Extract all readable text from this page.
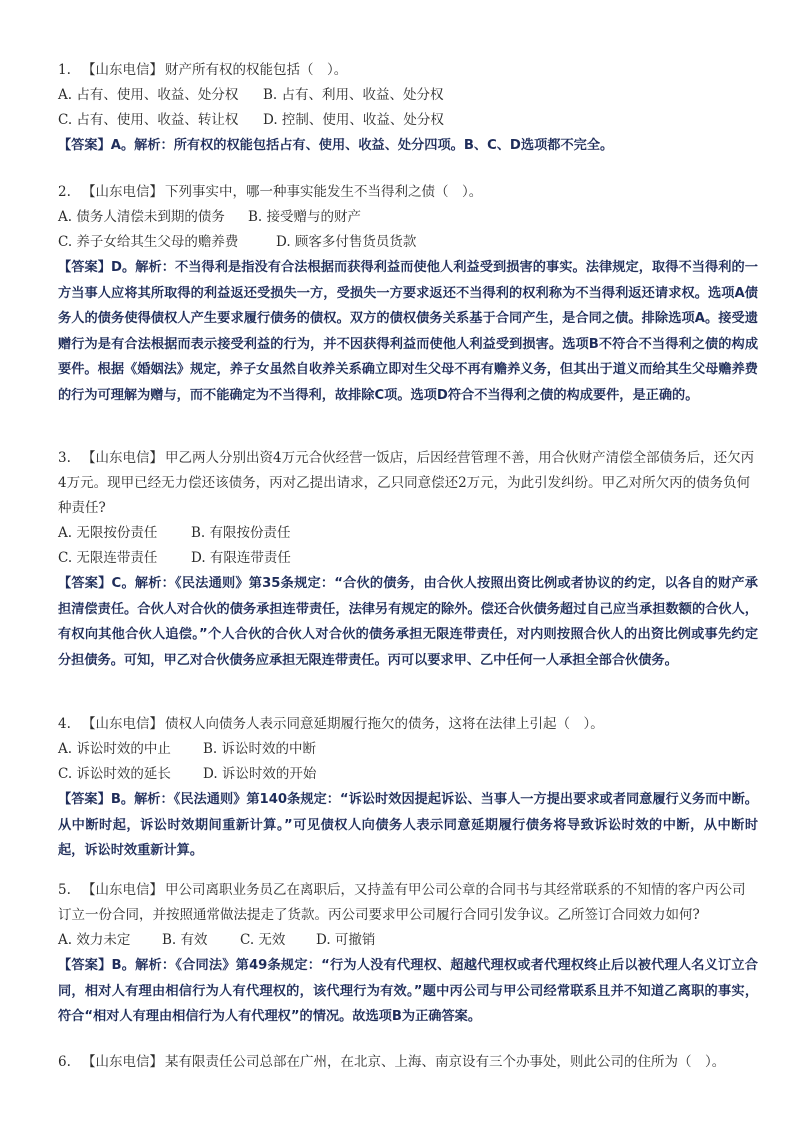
1. 【山东电信】 财产所有权的权能包括（　）。

A. 占有、使用、收益、处分权 B. 占有、利用、收益、处分权

C. 占有、使用、收益、转让权 D. 控制、使用、收益、处分权

【答案】A。解析：所有权的权能包括占有、使用、收益、处分四项。B、C、D选项都不完全。

2. 【山东电信】 下列事实中，哪一种事实能发生不当得利之债（　）。

A. 债务人清偿未到期的债务 B. 接受赠与的财产

C. 养子女给其生父母的赡养费	D. 顾客多付售货员货款

【答案】D。解析：不当得利是指没有合法根据而获得利益而使他人利益受到损害的事实。法律规定，取得不当得利的一方当事人应将其所取得的利益返还受损失一方，受损失一方要求返还不当得利的权利称为不当得利返还请求权。选项A债务人的债务使得债权人产生要求履行债务的债权。双方的债权债务关系基于合同产生，是合同之债。排除选项A。接受遗赠行为是有合法根据而表示接受利益的行为，并不因获得利益而使他人利益受到损害。选项B不符合不当得利之债的构成要件。根据《婚姻法》规定，养子女虽然自收养关系确立即对生父母不再有赡养义务，但其出于道义而给其生父母赡养费的行为可理解为赠与，而不能确定为不当得利，故排除C项。选项D符合不当得利之债的构成要件，是正确的。

3. 【山东电信】 甲乙两人分别出资4万元合伙经营一饭店，后因经营管理不善，用合伙财产清偿全部债务后，还欠丙4万元。现甲已经无力偿还该债务，丙对乙提出请求，乙只同意偿还2万元，为此引发纠纷。甲乙对所欠丙的债务负何种责任?

A. 无限按份责任 B. 有限按份责任

C. 无限连带责任 D. 有限连带责任

【答案】C。解析：《民法通则》第35条规定：“合伙的债务，由合伙人按照出资比例或者协议的约定，以各自的财产承担清偿责任。合伙人对合伙的债务承担连带责任，法律另有规定的除外。偿还合伙债务超过自己应当承担数额的合伙人，有权向其他合伙人追偿。”个人合伙的合伙人对合伙的债务承担无限连带责任，对内则按照合伙人的出资比例或事先约定分担债务。可知，甲乙对合伙债务应承担无限连带责任。丙可以要求甲、乙中任何一人承担全部合伙债务。

4. 【山东电信】 债权人向债务人表示同意延期履行拖欠的债务，这将在法律上引起（　）。

A. 诉讼时效的中止 B. 诉讼时效的中断

C. 诉讼时效的延长 D. 诉讼时效的开始

【答案】B。解析：《民法通则》第140条规定：“诉讼时效因提起诉讼、当事人一方提出要求或者同意履行义务而中断。从中断时起，诉讼时效期间重新计算。”可见债权人向债务人表示同意延期履行债务将导致诉讼时效的中断，从中断时起，诉讼时效重新计算。

5. 【山东电信】 甲公司离职业务员乙在离职后，又持盖有甲公司公章的合同书与其经常联系的不知情的客户丙公司订立一份合同，并按照通常做法提走了货款。丙公司要求甲公司履行合同引发争议。乙所签订合同效力如何?

A. 效力未定 B. 有效 C. 无效 D. 可撤销

【答案】B。解析：《合同法》第49条规定：“行为人没有代理权、超越代理权或者代理权终止后以被代理人名义订立合同，相对人有理由相信行为人有代理权的，该代理行为有效。”题中丙公司与甲公司经常联系且并不知道乙离职的事实，符合“相对人有理由相信行为人有代理权”的情况。故选项B为正确答案。

6. 【山东电信】 某有限责任公司总部在广州，在北京、上海、南京设有三个办事处，则此公司的住所为（　）。
